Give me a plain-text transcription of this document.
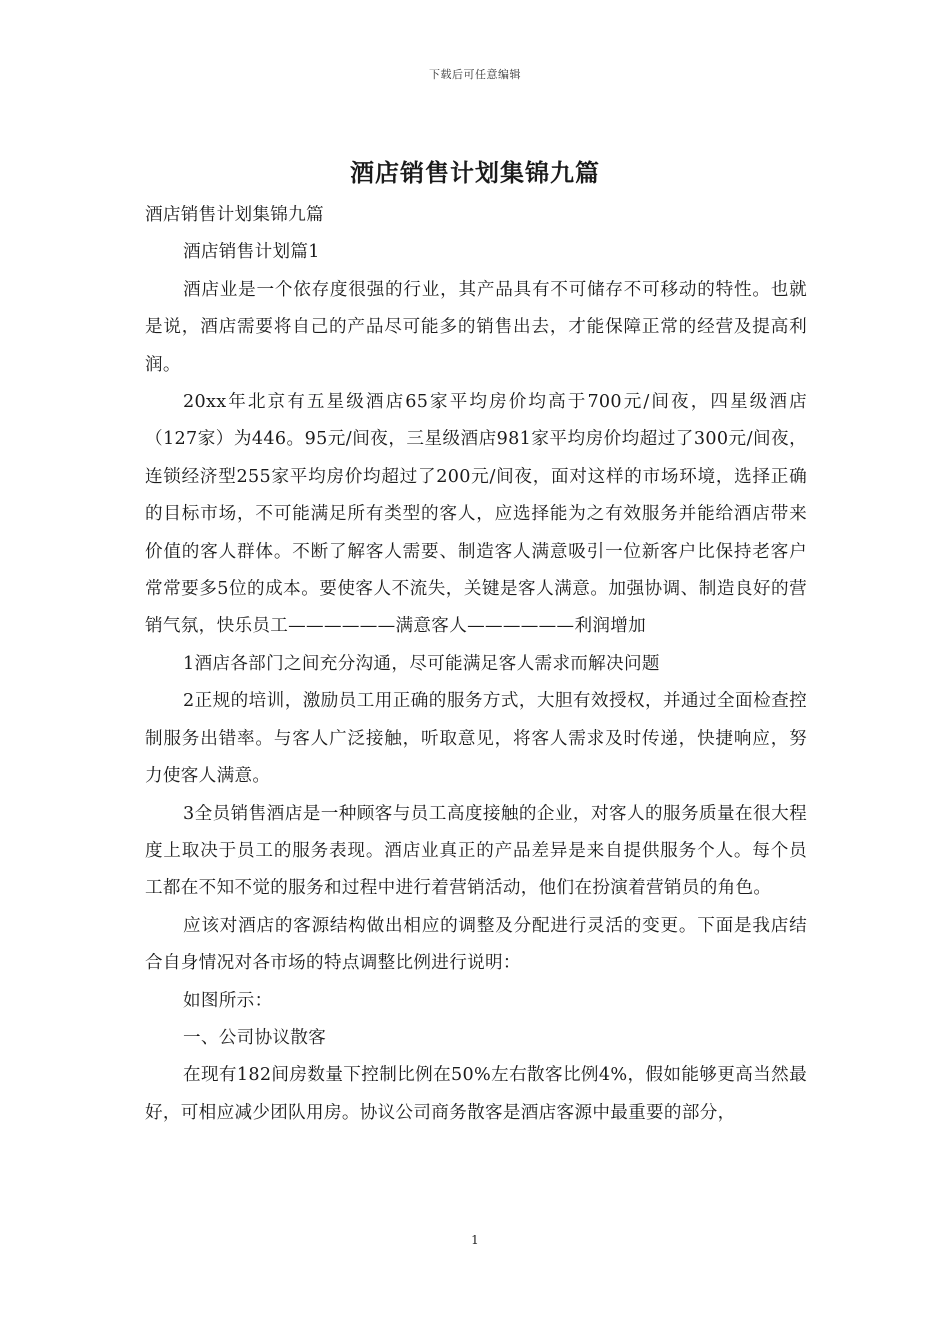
下载后可任意编辑
酒店销售计划集锦九篇

酒店销售计划集锦九篇

酒店销售计划篇1

酒店业是一个依存度很强的行业，其产品具有不可储存不可移动的特性。也就是说，酒店需要将自己的产品尽可能多的销售出去，才能保障正常的经营及提高利润。

20xx年北京有五星级酒店65家平均房价均高于700元/间夜，四星级酒店（127家）为446。95元/间夜，三星级酒店981家平均房价均超过了300元/间夜，连锁经济型255家平均房价均超过了200元/间夜，面对这样的市场环境，选择正确的目标市场，不可能满足所有类型的客人，应选择能为之有效服务并能给酒店带来价值的客人群体。不断了解客人需要、制造客人满意吸引一位新客户比保持老客户常常要多5位的成本。要使客人不流失，关键是客人满意。加强协调、制造良好的营销气氛，快乐员工——————满意客人——————利润增加

1酒店各部门之间充分沟通，尽可能满足客人需求而解决问题

2正规的培训，激励员工用正确的服务方式，大胆有效授权，并通过全面检查控制服务出错率。与客人广泛接触，听取意见，将客人需求及时传递，快捷响应，努力使客人满意。

3全员销售酒店是一种顾客与员工高度接触的企业，对客人的服务质量在很大程度上取决于员工的服务表现。酒店业真正的产品差异是来自提供服务个人。每个员工都在不知不觉的服务和过程中进行着营销活动，他们在扮演着营销员的角色。

应该对酒店的客源结构做出相应的调整及分配进行灵活的变更。下面是我店结合自身情况对各市场的特点调整比例进行说明：

如图所示：

一、公司协议散客

在现有182间房数量下控制比例在50%左右散客比例4%，假如能够更高当然最好，可相应减少团队用房。协议公司商务散客是酒店客源中最重要的部分，

1
